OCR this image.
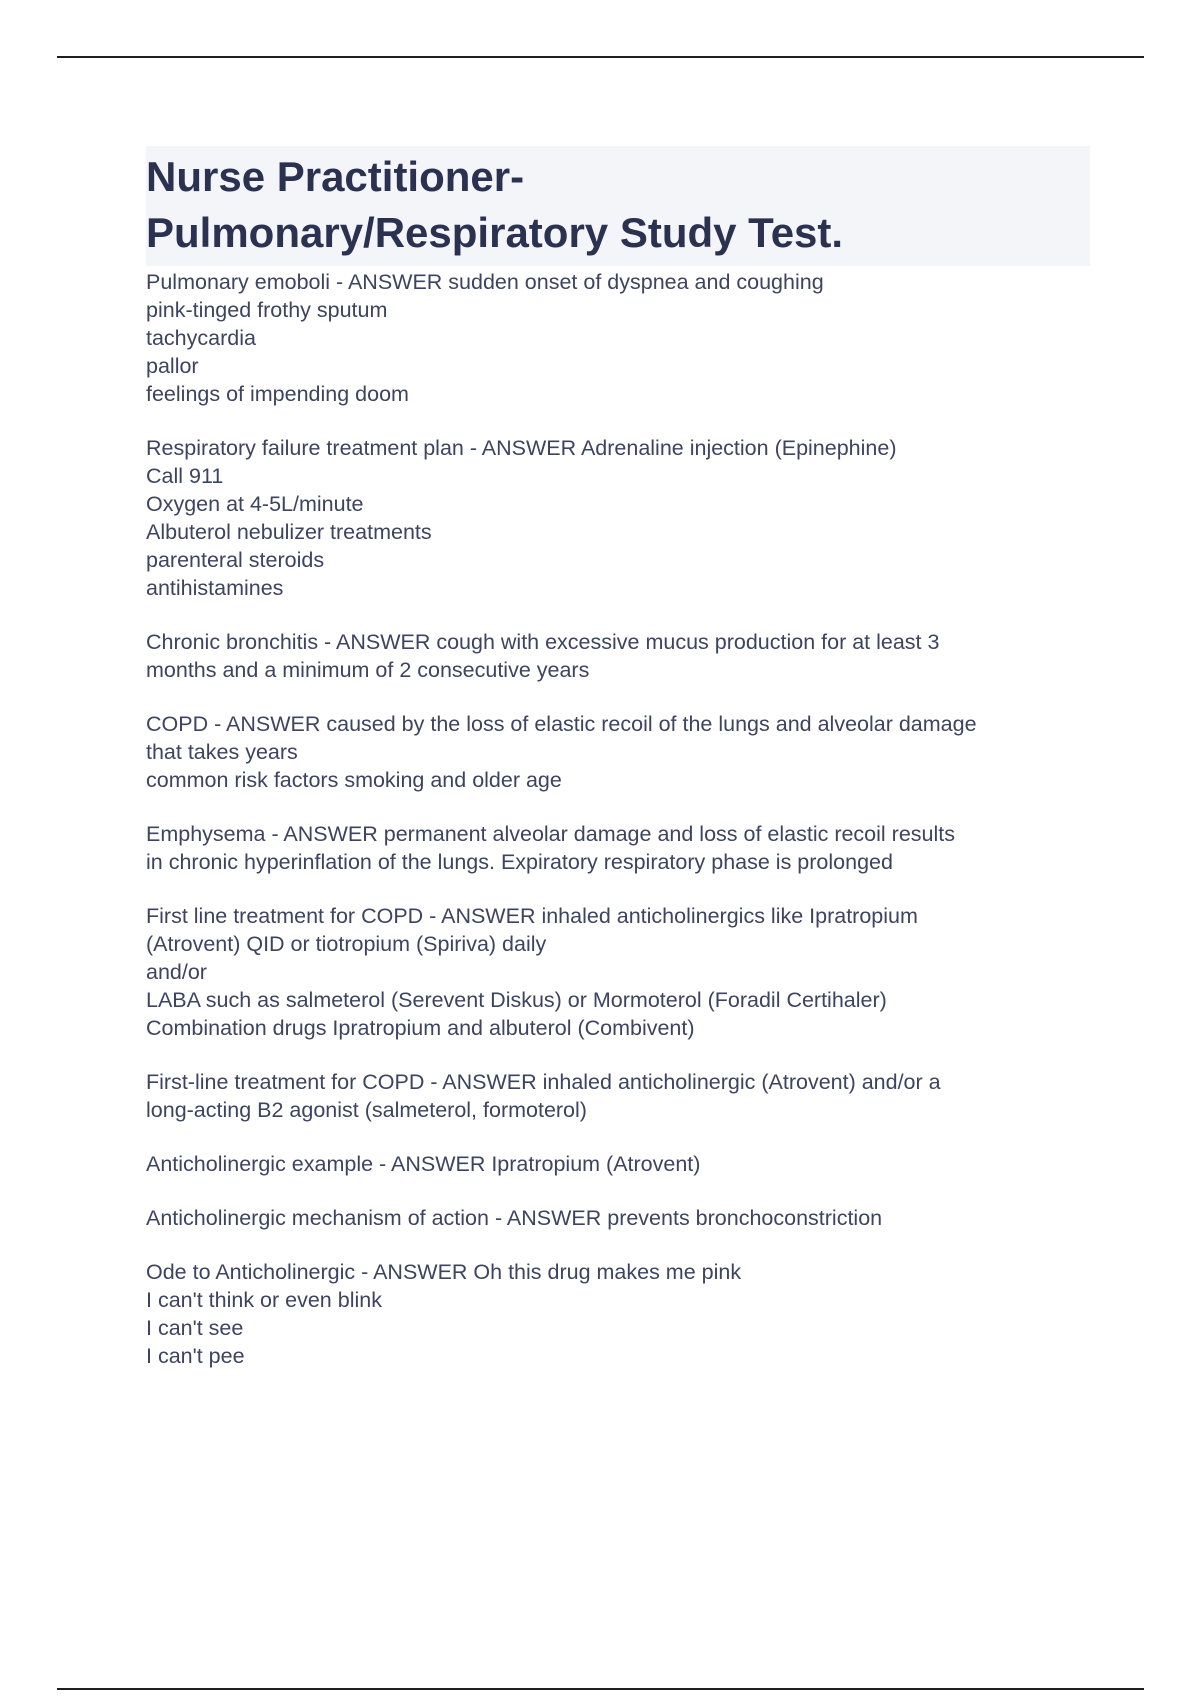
Nurse Practitioner-Pulmonary/Respiratory Study Test.
Pulmonary emoboli - ANSWER sudden onset of dyspnea and coughing
pink-tinged frothy sputum
tachycardia
pallor
feelings of impending doom
Respiratory failure treatment plan - ANSWER Adrenaline injection (Epinephine)
Call 911
Oxygen at 4-5L/minute
Albuterol nebulizer treatments
parenteral steroids
antihistamines
Chronic bronchitis - ANSWER cough with excessive mucus production for at least 3
months and a minimum of 2 consecutive years
COPD - ANSWER caused by the loss of elastic recoil of the lungs and alveolar damage
that takes years
common risk factors smoking and older age
Emphysema - ANSWER permanent alveolar damage and loss of elastic recoil results
in chronic hyperinflation of the lungs. Expiratory respiratory phase is prolonged
First line treatment for COPD - ANSWER inhaled anticholinergics like Ipratropium
(Atrovent) QID or tiotropium (Spiriva) daily
and/or
LABA such as salmeterol (Serevent Diskus) or Mormoterol (Foradil Certihaler)
Combination drugs Ipratropium and albuterol (Combivent)
First-line treatment for COPD - ANSWER inhaled anticholinergic (Atrovent) and/or a
long-acting B2 agonist (salmeterol, formoterol)
Anticholinergic example - ANSWER Ipratropium (Atrovent)
Anticholinergic mechanism of action - ANSWER prevents bronchoconstriction
Ode to Anticholinergic - ANSWER Oh this drug makes me pink
I can't think or even blink
I can't see
I can't pee
